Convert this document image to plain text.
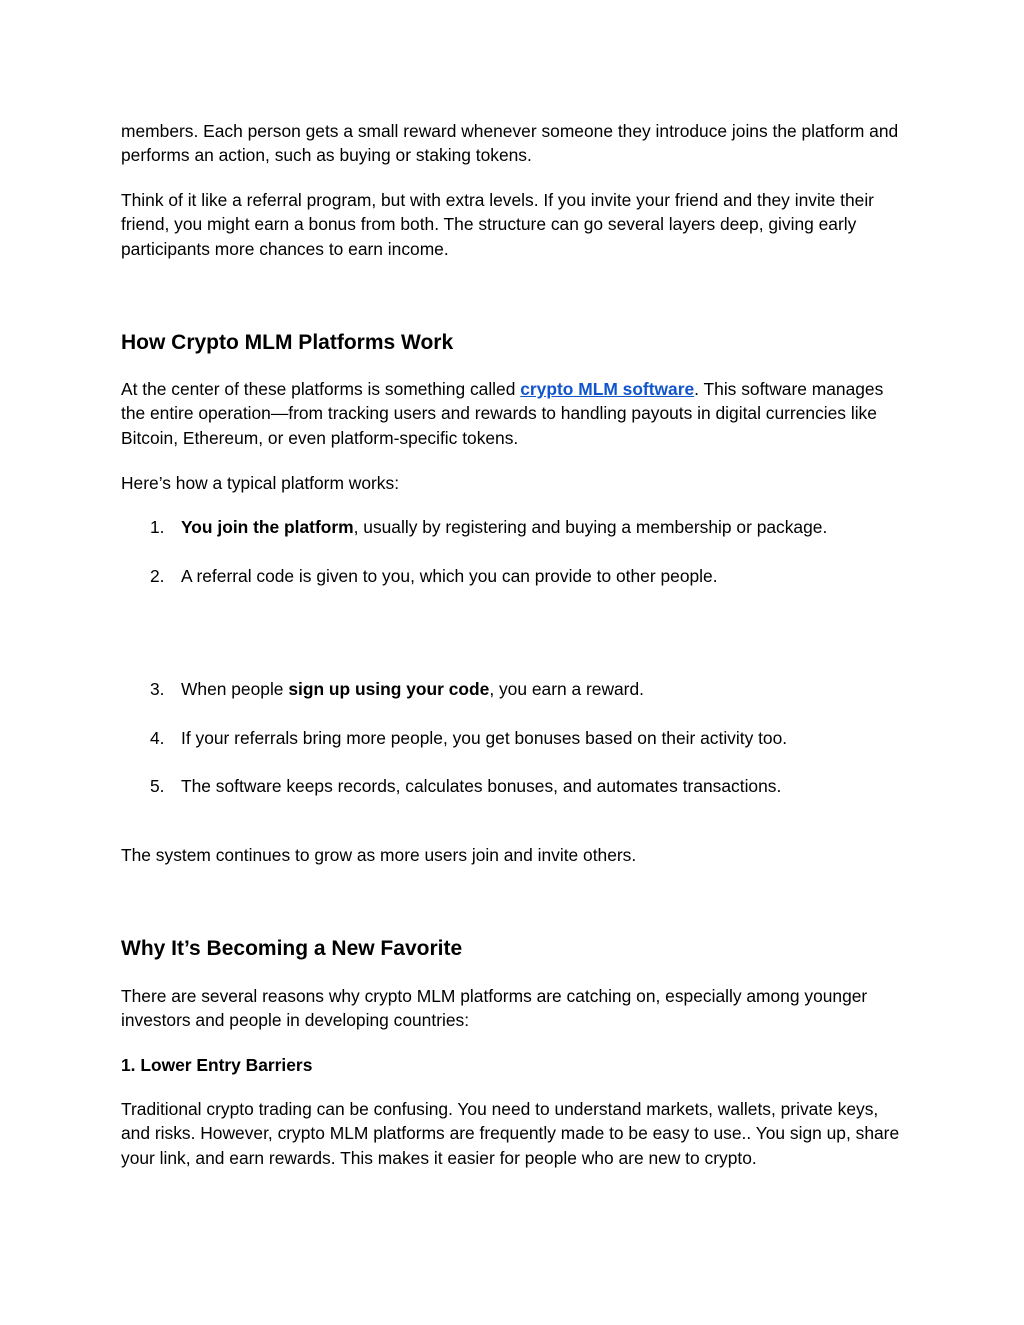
members. Each person gets a small reward whenever someone they introduce joins the platform and performs an action, such as buying or staking tokens.

Think of it like a referral program, but with extra levels. If you invite your friend and they invite their friend, you might earn a bonus from both. The structure can go several layers deep, giving early participants more chances to earn income.

How Crypto MLM Platforms Work

At the center of these platforms is something called crypto MLM software. This software manages the entire operation—from tracking users and rewards to handling payouts in digital currencies like Bitcoin, Ethereum, or even platform-specific tokens.

Here’s how a typical platform works:

1. You join the platform, usually by registering and buying a membership or package.
2. A referral code is given to you, which you can provide to other people.
3. When people sign up using your code, you earn a reward.
4. If your referrals bring more people, you get bonuses based on their activity too.
5. The software keeps records, calculates bonuses, and automates transactions.

The system continues to grow as more users join and invite others.

Why It’s Becoming a New Favorite

There are several reasons why crypto MLM platforms are catching on, especially among younger investors and people in developing countries:

1. Lower Entry Barriers

Traditional crypto trading can be confusing. You need to understand markets, wallets, private keys, and risks. However, crypto MLM platforms are frequently made to be easy to use.. You sign up, share your link, and earn rewards. This makes it easier for people who are new to crypto.
